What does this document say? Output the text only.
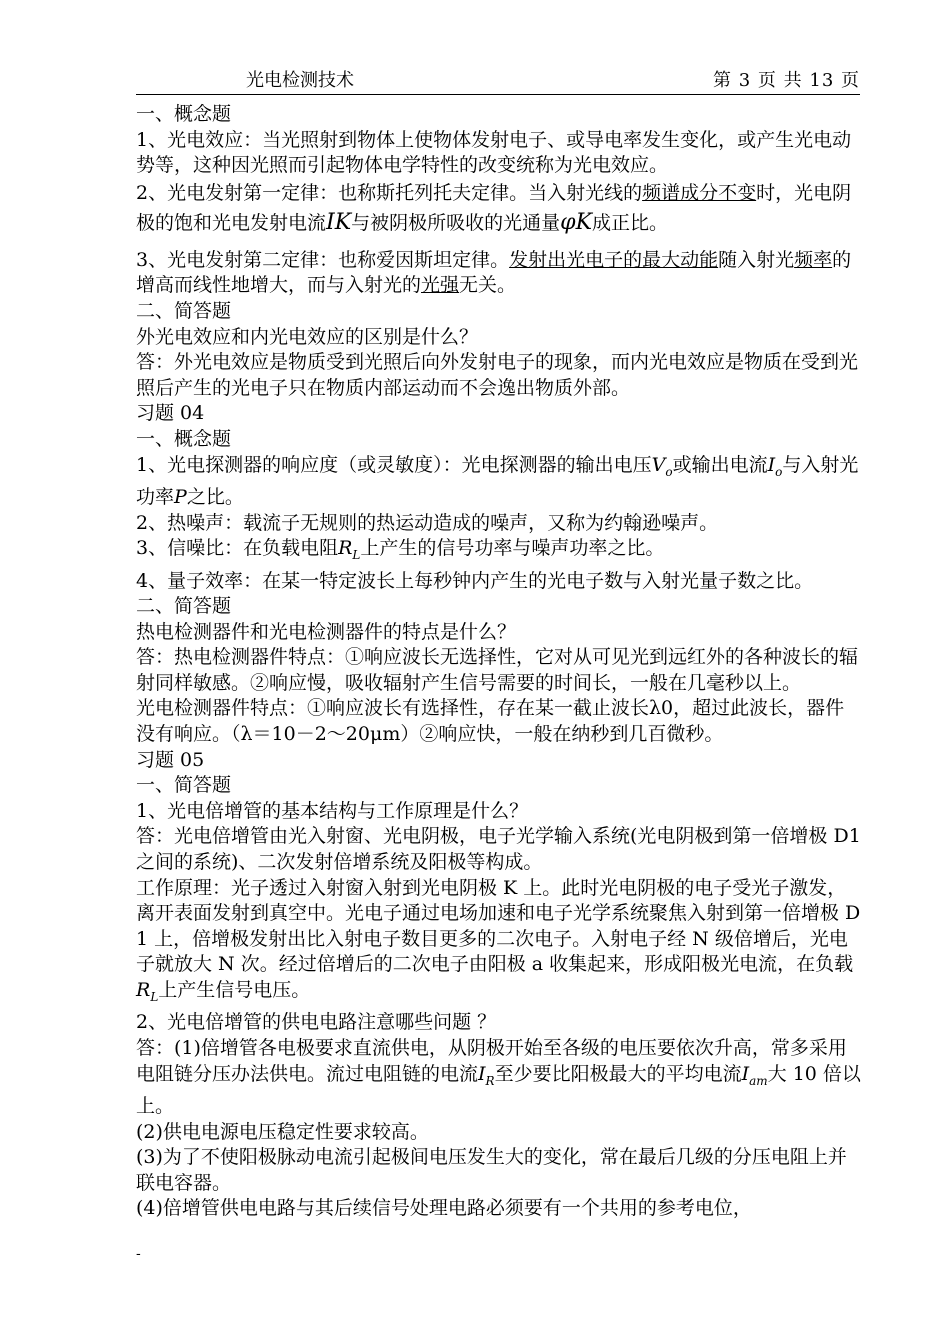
光电检测技术	第 3 页 共 13 页

一、概念题

1、光电效应：当光照射到物体上使物体发射电子、或导电率发生变化，或产生光电动势等，这种因光照而引起物体电学特性的改变统称为光电效应。

2、光电发射第一定律：也称斯托列托夫定律。当入射光线的频谱成分不变时，光电阴极的饱和光电发射电流IK与被阴极所吸收的光通量φK成正比。

3、光电发射第二定律：也称爱因斯坦定律。发射出光电子的最大动能随入射光频率的增高而线性地增大，而与入射光的光强无关。

二、简答题

外光电效应和内光电效应的区别是什么？

答：外光电效应是物质受到光照后向外发射电子的现象，而内光电效应是物质在受到光照后产生的光电子只在物质内部运动而不会逸出物质外部。

习题 04

一、概念题

1、光电探测器的响应度（或灵敏度）：光电探测器的输出电压$V_o$或输出电流$I_o$与入射光功率P之比。

2、热噪声：载流子无规则的热运动造成的噪声，又称为约翰逊噪声。

3、信噪比：在负载电阻$R_L$上产生的信号功率与噪声功率之比。

4、量子效率：在某一特定波长上每秒钟内产生的光电子数与入射光量子数之比。

二、简答题

热电检测器件和光电检测器件的特点是什么？

答：热电检测器件特点：①响应波长无选择性，它对从可见光到远红外的各种波长的辐射同样敏感。②响应慢，吸收辐射产生信号需要的时间长，一般在几毫秒以上。

光电检测器件特点：①响应波长有选择性，存在某一截止波长λ0，超过此波长，器件没有响应。（λ＝10－2～20μm）②响应快，一般在纳秒到几百微秒。

习题 05

一、简答题

1、光电倍增管的基本结构与工作原理是什么？

答：光电倍增管由光入射窗、光电阴极，电子光学输入系统(光电阴极到第一倍增极 D1 之间的系统)、二次发射倍增系统及阳极等构成。

工作原理：光子透过入射窗入射到光电阴极 K 上。此时光电阴极的电子受光子激发，离开表面发射到真空中。光电子通过电场加速和电子光学系统聚焦入射到第一倍增极 D1 上，倍增极发射出比入射电子数目更多的二次电子。入射电子经 N 级倍增后，光电子就放大 N 次。经过倍增后的二次电子由阳极 a 收集起来，形成阳极光电流，在负载$R_L$上产生信号电压。

2、光电倍增管的供电电路注意哪些问题 ？

答：(1)倍增管各电极要求直流供电，从阴极开始至各级的电压要依次升高，常多采用电阻链分压办法供电。流过电阻链的电流$I_R$至少要比阳极最大的平均电流$I_{am}$大 10 倍以上。

(2)供电电源电压稳定性要求较高。

(3)为了不使阳极脉动电流引起极间电压发生大的变化，常在最后几级的分压电阻上并联电容器。

(4)倍增管供电电路与其后续信号处理电路必须要有一个共用的参考电位，

-
